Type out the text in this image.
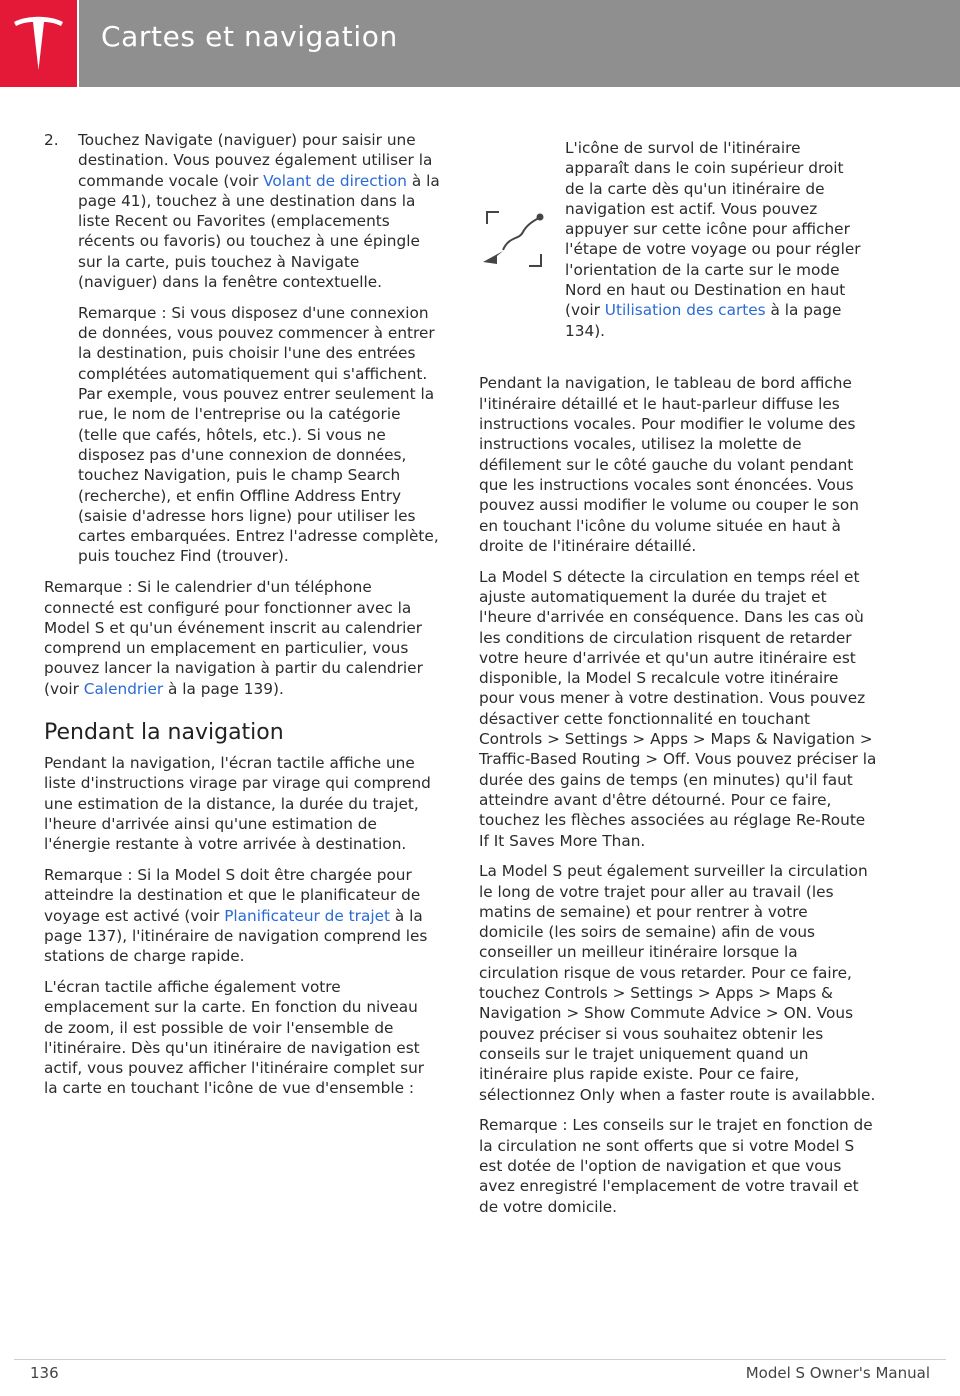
Cartes et navigation
2.	Touchez Navigate (naviguer) pour saisir une destination. Vous pouvez également utiliser la commande vocale (voir Volant de direction à la page 41), touchez à une destination dans la liste Recent ou Favorites (emplacements récents ou favoris) ou touchez à une épingle sur la carte, puis touchez à Navigate (naviguer) dans la fenêtre contextuelle.

Remarque : Si vous disposez d'une connexion de données, vous pouvez commencer à entrer la destination, puis choisir l'une des entrées complétées automatiquement qui s'affichent. Par exemple, vous pouvez entrer seulement la rue, le nom de l'entreprise ou la catégorie (telle que cafés, hôtels, etc.). Si vous ne disposez pas d'une connexion de données, touchez Navigation, puis le champ Search (recherche), et enfin Offline Address Entry (saisie d'adresse hors ligne) pour utiliser les cartes embarquées. Entrez l'adresse complète, puis touchez Find (trouver).

Remarque : Si le calendrier d'un téléphone connecté est configuré pour fonctionner avec la Model S et qu'un événement inscrit au calendrier comprend un emplacement en particulier, vous pouvez lancer la navigation à partir du calendrier (voir Calendrier à la page 139).

Pendant la navigation

Pendant la navigation, l'écran tactile affiche une liste d'instructions virage par virage qui comprend une estimation de la distance, la durée du trajet, l'heure d'arrivée ainsi qu'une estimation de l'énergie restante à votre arrivée à destination.

Remarque : Si la Model S doit être chargée pour atteindre la destination et que le planificateur de voyage est activé (voir Planificateur de trajet à la page 137), l'itinéraire de navigation comprend les stations de charge rapide.

L'écran tactile affiche également votre emplacement sur la carte. En fonction du niveau de zoom, il est possible de voir l'ensemble de l'itinéraire. Dès qu'un itinéraire de navigation est actif, vous pouvez afficher l'itinéraire complet sur la carte en touchant l'icône de vue d'ensemble :

L'icône de survol de l'itinéraire apparaît dans le coin supérieur droit de la carte dès qu'un itinéraire de navigation est actif. Vous pouvez appuyer sur cette icône pour afficher l'étape de votre voyage ou pour régler l'orientation de la carte sur le mode Nord en haut ou Destination en haut (voir Utilisation des cartes à la page 134).

Pendant la navigation, le tableau de bord affiche l'itinéraire détaillé et le haut-parleur diffuse les instructions vocales. Pour modifier le volume des instructions vocales, utilisez la molette de défilement sur le côté gauche du volant pendant que les instructions vocales sont énoncées. Vous pouvez aussi modifier le volume ou couper le son en touchant l'icône du volume située en haut à droite de l'itinéraire détaillé.

La Model S détecte la circulation en temps réel et ajuste automatiquement la durée du trajet et l'heure d'arrivée en conséquence. Dans les cas où les conditions de circulation risquent de retarder votre heure d'arrivée et qu'un autre itinéraire est disponible, la Model S recalcule votre itinéraire pour vous mener à votre destination. Vous pouvez désactiver cette fonctionnalité en touchant Controls > Settings > Apps > Maps & Navigation > Traffic-Based Routing > Off. Vous pouvez préciser la durée des gains de temps (en minutes) qu'il faut atteindre avant d'être détourné. Pour ce faire, touchez les flèches associées au réglage Re-Route If It Saves More Than.

La Model S peut également surveiller la circulation le long de votre trajet pour aller au travail (les matins de semaine) et pour rentrer à votre domicile (les soirs de semaine) afin de vous conseiller un meilleur itinéraire lorsque la circulation risque de vous retarder. Pour ce faire, touchez Controls > Settings > Apps > Maps & Navigation > Show Commute Advice > ON. Vous pouvez préciser si vous souhaitez obtenir les conseils sur le trajet uniquement quand un itinéraire plus rapide existe. Pour ce faire, sélectionnez Only when a faster route is availabble.

Remarque : Les conseils sur le trajet en fonction de la circulation ne sont offerts que si votre Model S est dotée de l'option de navigation et que vous avez enregistré l'emplacement de votre travail et de votre domicile.

136	Model S Owner's Manual
